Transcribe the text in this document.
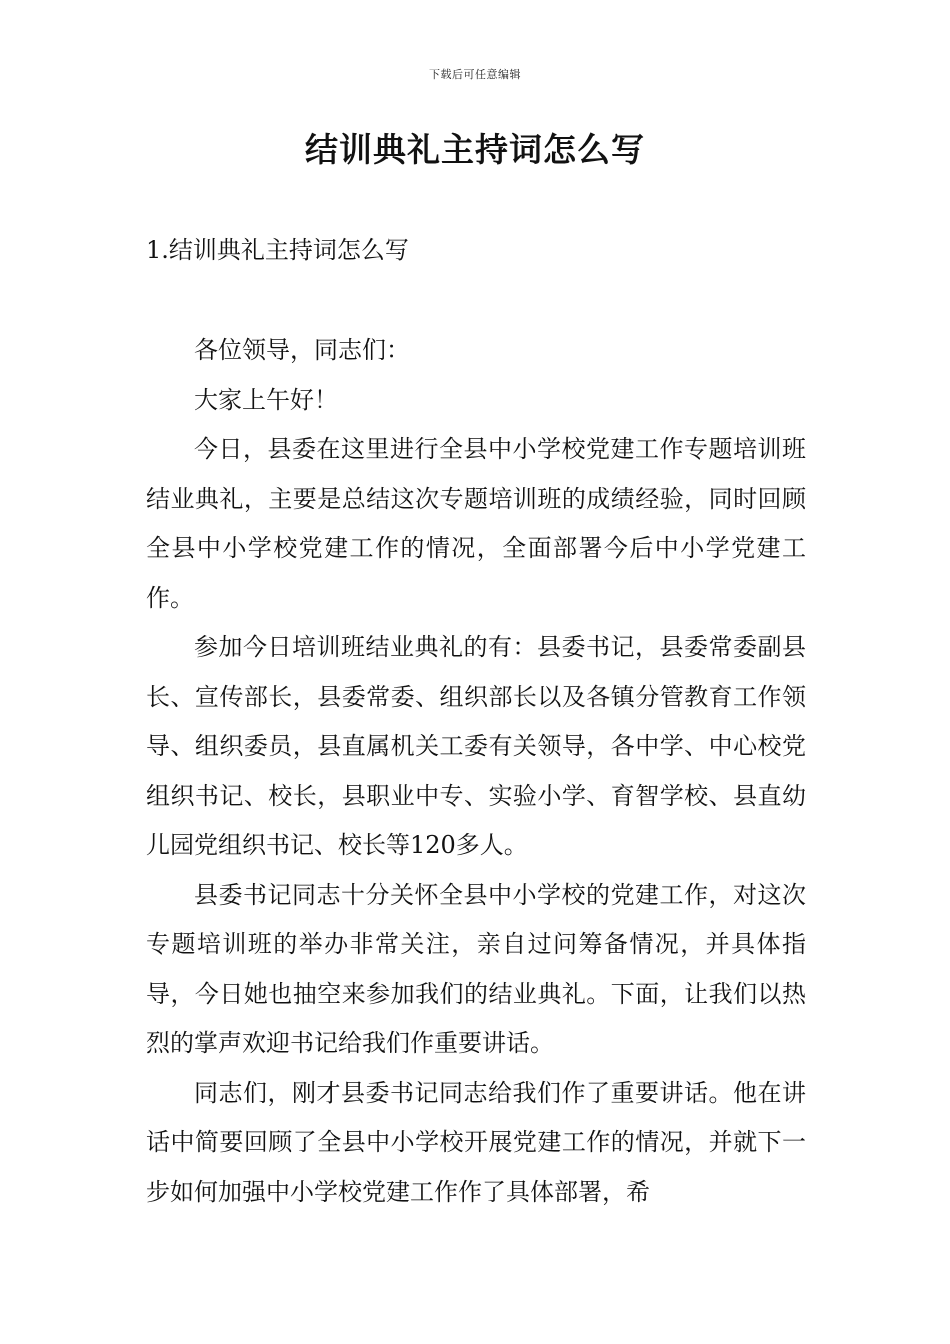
下载后可任意编辑
结训典礼主持词怎么写
1.结训典礼主持词怎么写

各位领导，同志们：

大家上午好！

今日，县委在这里进行全县中小学校党建工作专题培训班结业典礼，主要是总结这次专题培训班的成绩经验，同时回顾全县中小学校党建工作的情况，全面部署今后中小学党建工作。

参加今日培训班结业典礼的有：县委书记，县委常委副县长、宣传部长，县委常委、组织部长以及各镇分管教育工作领导、组织委员，县直属机关工委有关领导，各中学、中心校党组织书记、校长，县职业中专、实验小学、育智学校、县直幼儿园党组织书记、校长等120多人。

县委书记同志十分关怀全县中小学校的党建工作，对这次专题培训班的举办非常关注，亲自过问筹备情况，并具体指导，今日她也抽空来参加我们的结业典礼。下面，让我们以热烈的掌声欢迎书记给我们作重要讲话。

同志们，刚才县委书记同志给我们作了重要讲话。他在讲话中简要回顾了全县中小学校开展党建工作的情况，并就下一步如何加强中小学校党建工作作了具体部署，希
